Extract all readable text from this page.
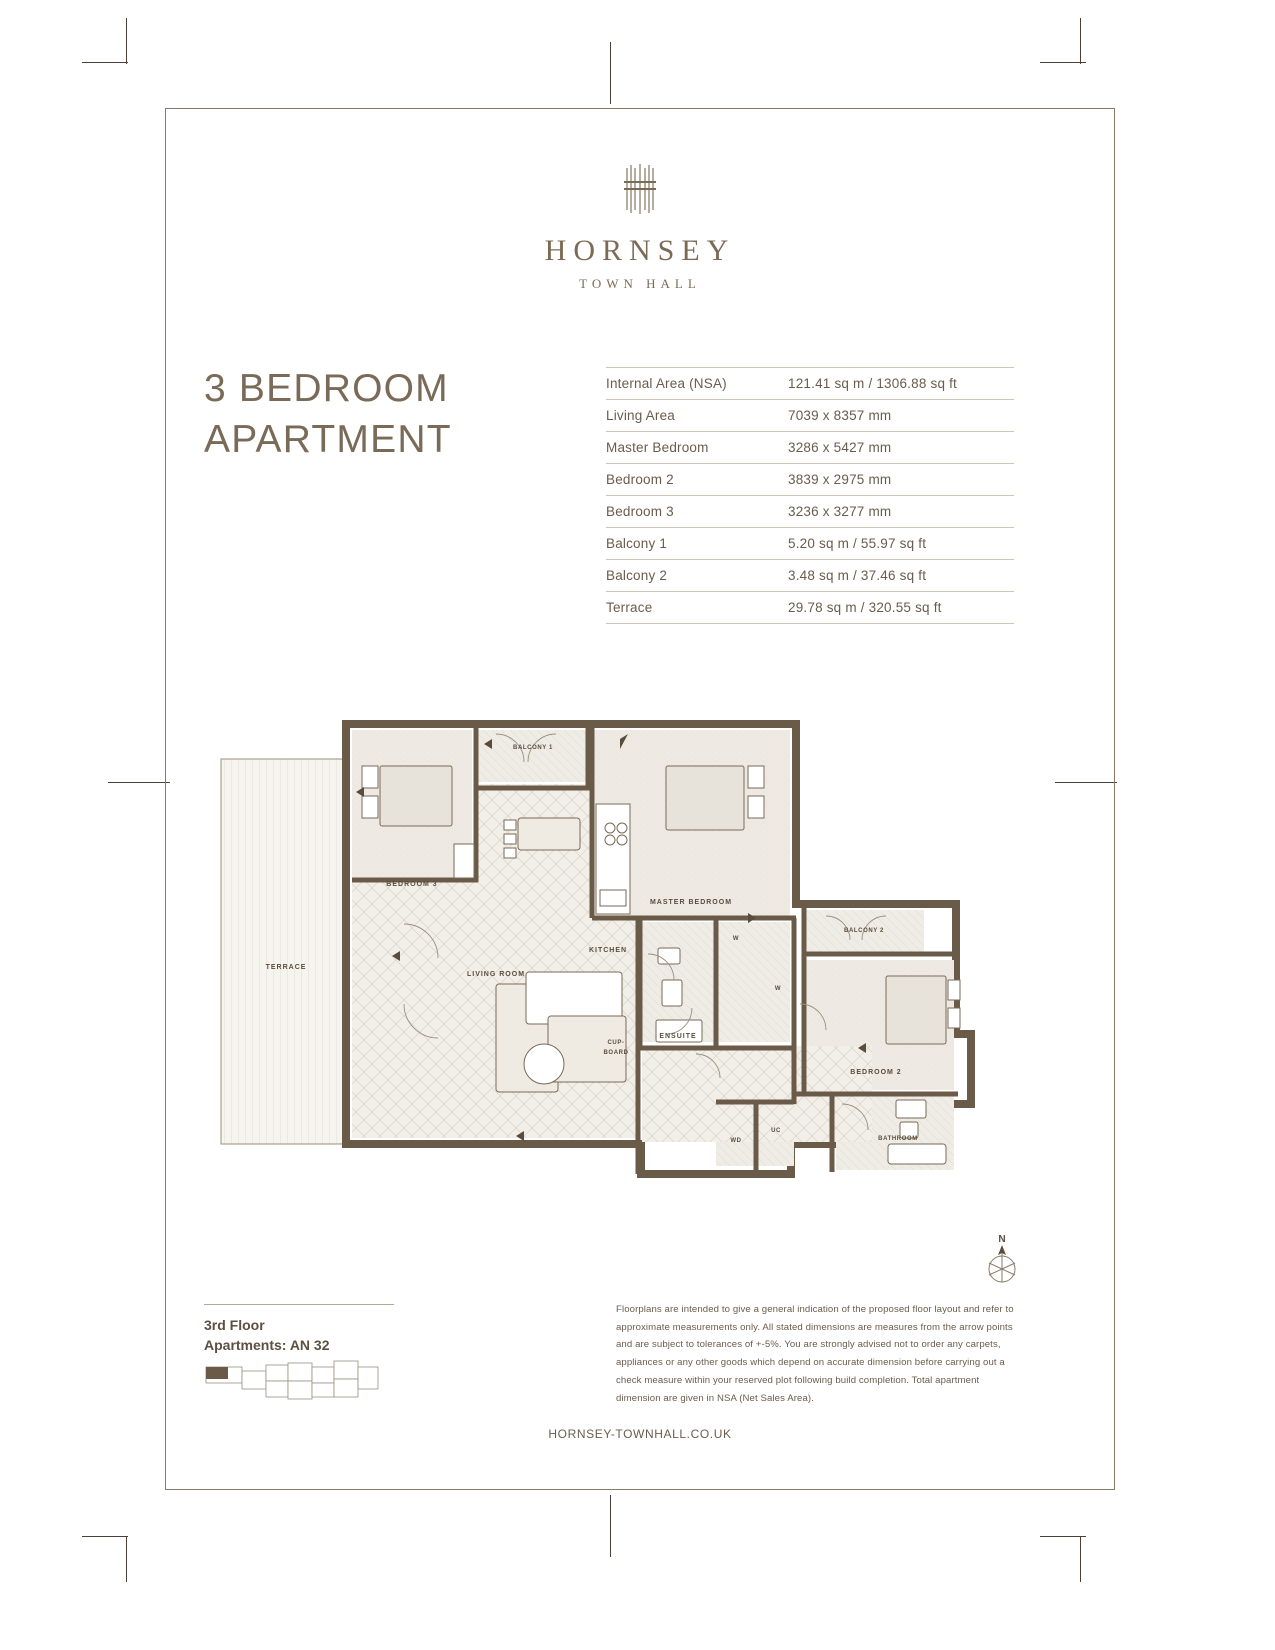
HORNSEY
TOWN HALL
3 BEDROOM
APARTMENT
Internal Area (NSA)	121.41 sq m / 1306.88 sq ft
Living Area	7039 x 8357 mm
Master Bedroom	3286 x 5427 mm
Bedroom 2	3839 x 2975 mm
Bedroom 3	3236 x 3277 mm
Balcony 1	5.20 sq m / 55.97 sq ft
Balcony 2	3.48 sq m / 37.46 sq ft
Terrace	29.78 sq m / 320.55 sq ft
TERRACE
BEDROOM 3
BALCONY 1
MASTER BEDROOM
KITCHEN
LIVING ROOM
CUP-
BOARD
ENSUITE
BALCONY 2
BEDROOM 2
BATHROOM
WD
UC
W
W
N
3rd Floor
Apartments: AN 32
Floorplans are intended to give a general indication of the proposed floor layout and refer to approximate measurements only. All stated dimensions are measures from the arrow points and are subject to tolerances of +-5%. You are strongly advised not to order any carpets, appliances or any other goods which depend on accurate dimension before carrying out a check measure within your reserved plot following build completion. Total apartment dimension are given in NSA (Net Sales Area).
HORNSEY-TOWNHALL.CO.UK
